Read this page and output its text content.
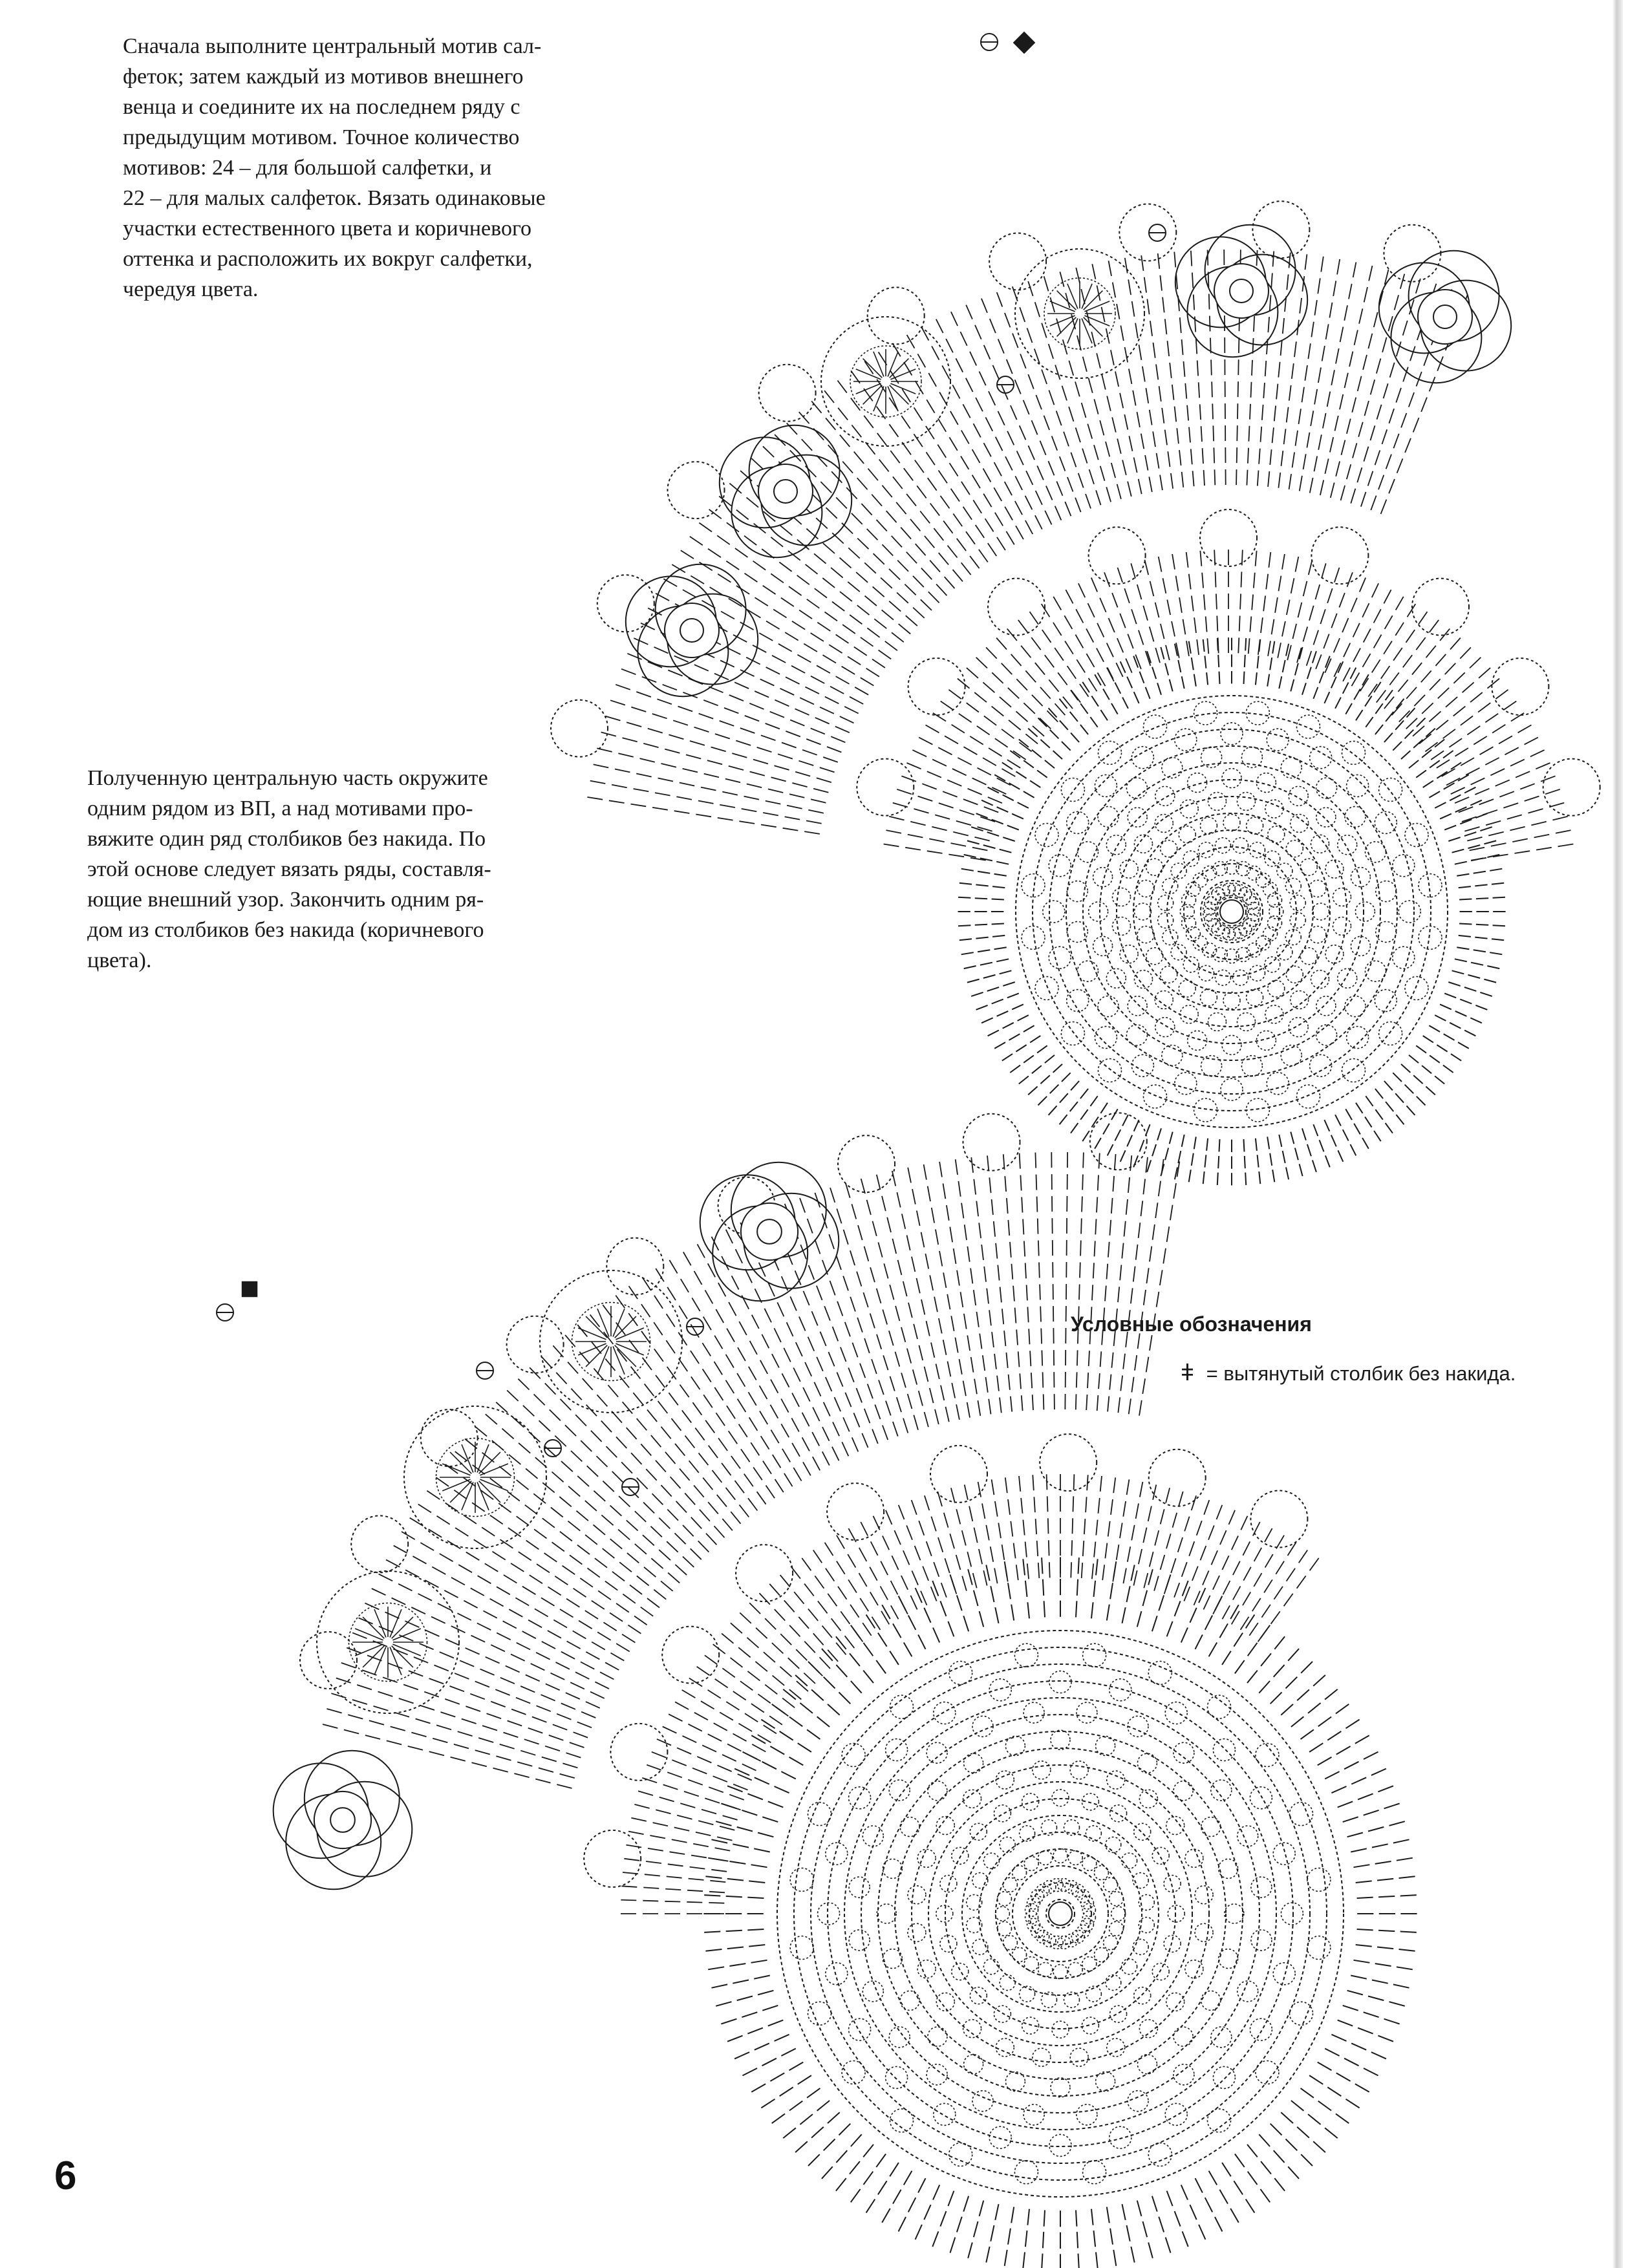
Сначала выполните центральный мотив сал-
феток; затем каждый из мотивов внешнего
венца и соедините их на последнем ряду с
предыдущим мотивом. Точное количество
мотивов: 24 – для большой салфетки, и
22 – для малых салфеток. Вязать одинаковые
участки естественного цвета и коричневого
оттенка и расположить их вокруг салфетки,
чередуя цвета.
Полученную центральную часть окружите
одним рядом из ВП, а над мотивами про-
вяжите один ряд столбиков без накида. По
этой основе следует вязать ряды, составля-
ющие внешний узор. Закончить одним ря-
дом из столбиков без накида (коричневого
цвета).
Условные обозначения
ǂ = вытянутый столбик без накида.
6
